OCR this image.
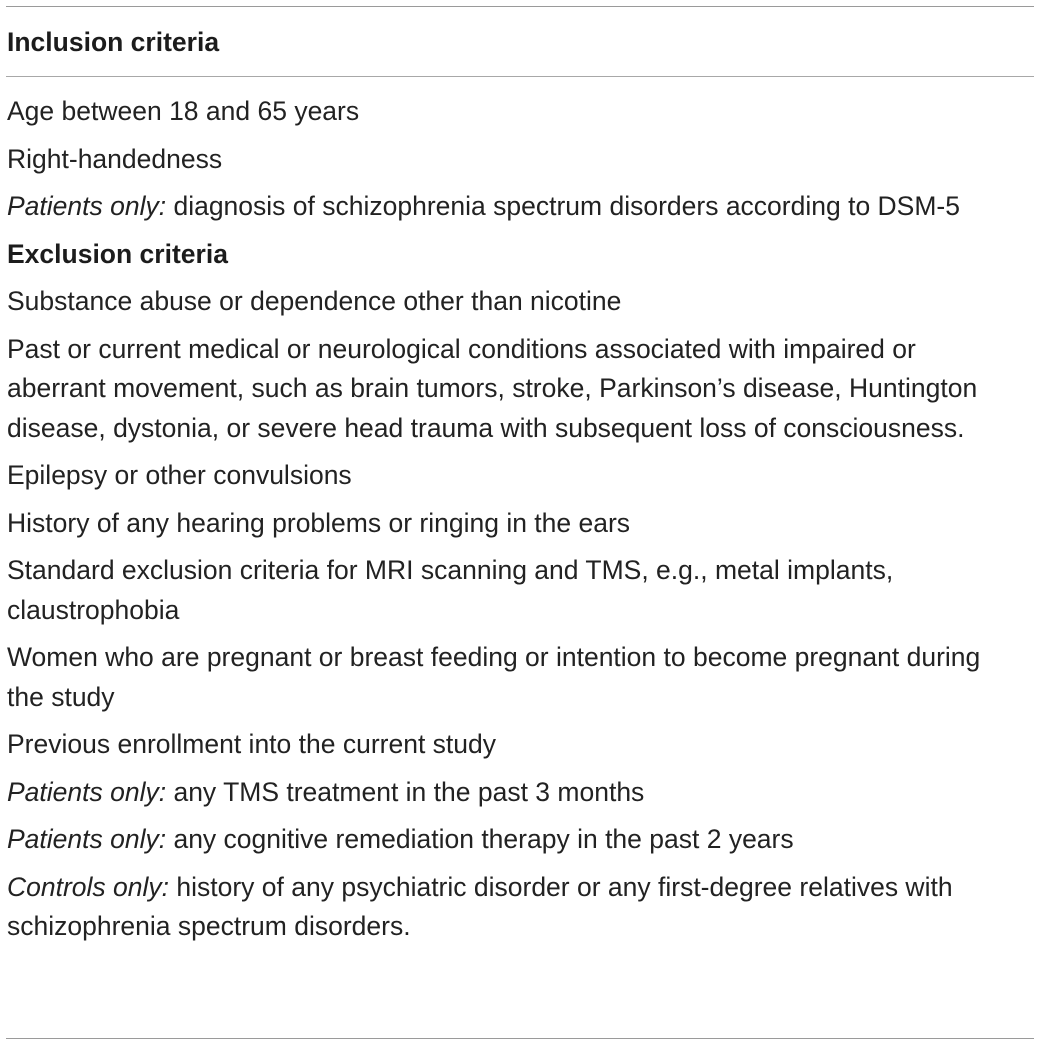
Inclusion criteria

Age between 18 and 65 years

Right-handedness

Patients only: diagnosis of schizophrenia spectrum disorders according to DSM-5

Exclusion criteria

Substance abuse or dependence other than nicotine

Past or current medical or neurological conditions associated with impaired or aberrant movement, such as brain tumors, stroke, Parkinson’s disease, Huntington disease, dystonia, or severe head trauma with subsequent loss of consciousness.

Epilepsy or other convulsions

History of any hearing problems or ringing in the ears

Standard exclusion criteria for MRI scanning and TMS, e.g., metal implants, claustrophobia

Women who are pregnant or breast feeding or intention to become pregnant during the study

Previous enrollment into the current study

Patients only: any TMS treatment in the past 3 months

Patients only: any cognitive remediation therapy in the past 2 years

Controls only: history of any psychiatric disorder or any first-degree relatives with schizophrenia spectrum disorders.
